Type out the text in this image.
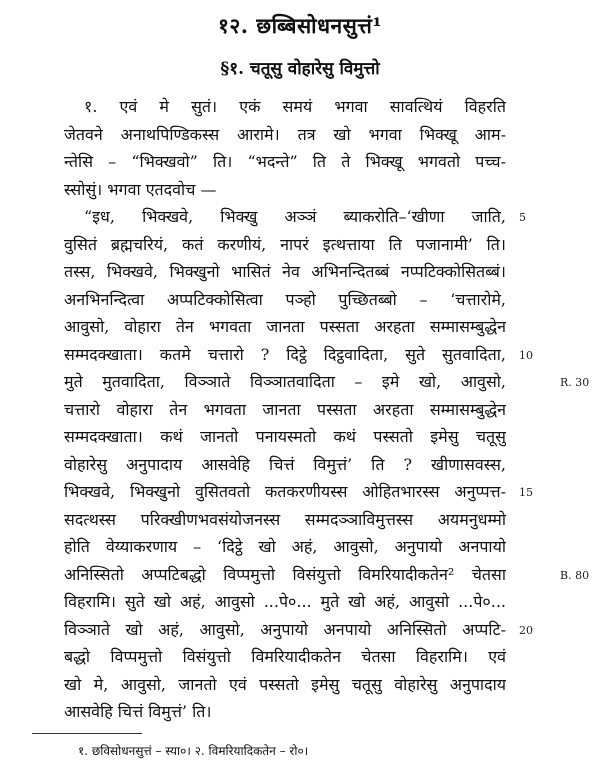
१२. छब्बिसोधनसुत्तं¹
§१. चतूसु वोहारेसु विमुत्तो
१. एवं मे सुतं। एकं समयं भगवा सावत्थियं विहरति
जेतवने अनाथपिण्डिकस्स आरामे। तत्र खो भगवा भिक्खू आम-
न्तेसि – “भिक्खवो” ति। “भदन्ते” ति ते भिक्खू भगवतो पच्च-
स्सोसुं। भगवा एतदवोच —
“इध, भिक्खवे, भिक्खु अञ्ञं ब्याकरोति–‘खीणा जाति,
वुसितं ब्रह्मचरियं, कतं करणीयं, नापरं इत्थत्ताया ति पजानामी’ ति।
तस्स, भिक्खवे, भिक्खुनो भासितं नेव अभिनन्दितब्बं नप्पटिक्कोसितब्बं।
अनभिनन्दित्वा अप्पटिक्कोसित्वा पञ्हो पुच्छितब्बो – ‘चत्तारोमे,
आवुसो, वोहारा तेन भगवता जानता पस्सता अरहता सम्मासम्बुद्धेन
सम्मदक्खाता। कतमे चत्तारो ? दिट्ठे दिट्ठवादिता, सुते सुतवादिता,
मुते मुतवादिता, विञ्ञाते विञ्ञातवादिता – इमे खो, आवुसो,
चत्तारो वोहारा तेन भगवता जानता पस्सता अरहता सम्मासम्बुद्धेन
सम्मदक्खाता। कथं जानतो पनायस्मतो कथं पस्सतो इमेसु चतूसु
वोहारेसु अनुपादाय आसवेहि चित्तं विमुत्तं’ ति ? खीणासवस्स,
भिक्खवे, भिक्खुनो वुसितवतो कतकरणीयस्स ओहितभारस्स अनुप्पत्त-
सदत्थस्स परिक्खीणभवसंयोजनस्स सम्मदञ्ञाविमुत्तस्स अयमनुधम्मो
होति वेय्याकरणाय – ‘दिट्ठे खो अहं, आवुसो, अनुपायो अनपायो
अनिस्सितो अप्पटिबद्धो विप्पमुत्तो विसंयुत्तो विमरियादीकतेन² चेतसा
विहरामि। सुते खो अहं, आवुसो ...पे०... मुते खो अहं, आवुसो ...पे०...
विञ्ञाते खो अहं, आवुसो, अनुपायो अनपायो अनिस्सितो अप्पटि-
बद्धो विप्पमुत्तो विसंयुत्तो विमरियादीकतेन चेतसा विहरामि। एवं
खो मे, आवुसो, जानतो एवं पस्सतो इमेसु चतूसु वोहारेसु अनुपादाय
आसवेहि चित्तं विमुत्तं’ ति।
5
10
15
20
R. 30
B. 80
१. छविसोधनसुत्तं – स्या०। २. विमरियादिकतेन – रो०।
